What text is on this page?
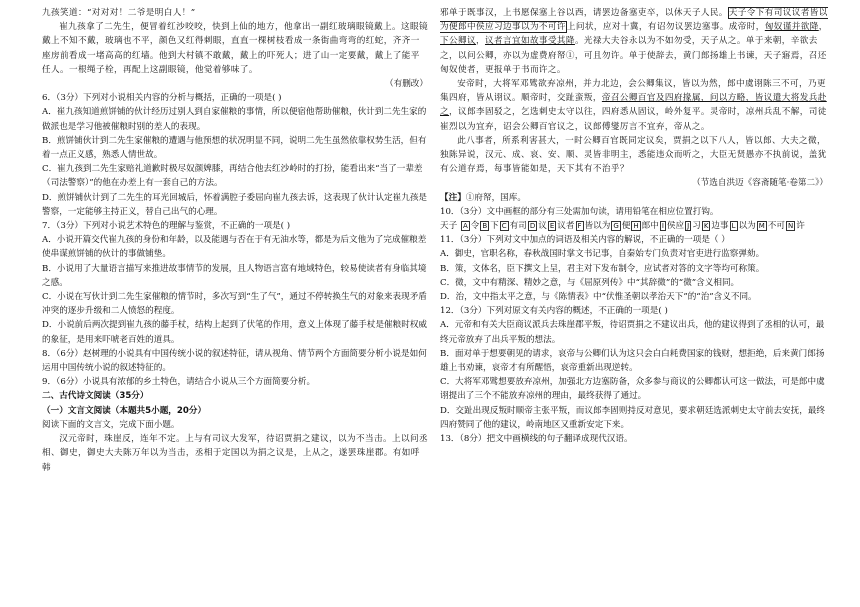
九孩笑道：“对对对！二爷是明白人！”

崔九孩拿了二先生，便冒着红沙咬咬，快到上仙的地方，他拿出一副红玻璃眼镜戴上。这眼镜戴上不知不戴，玻璃也不平，颜色又红得刺眼，直直一棵树枝看成一条街曲弯弯的红蛇，齐齐一座房前看成一堵高高的红墙。他到大村镇不敢戴，戴上的吓死人；进了山一定要戴，戴上了能平任人。一根绳子栓，再配上这副眼镜，他觉着够味了。

（有删改）

6．（3分）下列对小说相关内容的分析与概括，正确的一项是( )

A．崔九孩知道煎饼铺的伙计经历过别人到自家催粮的事情，所以便宿他帮助催粮，伙计到二先生家的做派也是学习他被催粮时别的差人的表现。

B．煎饼铺伙计到二先生家催粮的遭遇与他预想的状况明显不同，说明二先生虽然依靠权势生活，但有着一点正义感，熟悉人情世故。

C．崔九孩到二先生家赔礼道歉时极尽奴颜婢膝，再结合他去红沙岭时的打扮，能看出来“当了一辈差（司法警察）”的他在办差上有一套自己的方法。

D．煎饼铺伙计到了二先生的耳光回城后，怀着满腔子委屈向崔九孩去诉，这表现了伙计认定崔九孩是警察，一定能够主持正义，替自己出气的心理。

7．（3分）下列对小说艺术特色的理解与鉴赏，不正确的一项是( )

A．小说开篇交代崔九孩的身份和年龄，以及能遇与否在于有无油水等，都是为后文他为了完成催粮差使串谋煎饼铺的伙计的事做铺垫。

B．小说用了大量语言描写来推进故事情节的发展，且人物语言富有地域特色，较易使读者有身临其境之感。

C．小说在写伙计到二先生家催粮的情节时，多次写到“生了气”，通过不停转换生气的对象来表现矛盾冲突的逐步升级和二人愤怒的程度。

D．小说前后两次提到崔九孩的藤手杖，结构上起到了伏笔的作用，意义上体现了藤手杖是催粮时权威的象征，是用来吓唬老百姓的道具。

8．（6分）赵树理的小说具有中国传统小说的叙述特征，请从视角、情节两个方面简要分析小说是如何运用中国传统小说的叙述特征的。

9．（6分）小说具有浓郁的乡土特色，请结合小说从三个方面简要分析。

二、古代诗文阅读（35分）

（一）文言文阅读（本题共5小题，20分）

阅读下面的文言文，完成下面小题。

汉元帝时，珠崖反，连年不定。上与有司议大发军，待诏贾捐之建议，以为不当击。上以问丞相、御史，御史大夫陈万年以为当击，丞相于定国以为捐之议是，上从之，遂罢珠崖郡。有如呼韩

邪单于既事汉，上书愿保塞上谷以西，请罢边备塞吏卒，以休天子人民。天子令下有司议议者皆以为便郎中侯应习边事以为不可许上问状，应对十冀，有诏勿议罢边塞事。成帝时，匈奴谨并欲降，下公卿议，议者言宜如故事受其降。光禄大夫谷永以为不如勿受，天子从之。单于来朝，辛欲去之，以问公卿，亦以为虚费府帑①，可且勿许。单于使辞去，黄门郎扬雄上书谏，天子寤焉，召还匈奴使者，更报单于书而许之。

安帝时，大将军邓骘欲弃凉州，并力北边，会公卿集议，皆以为然，郎中虞诩陈三不可，乃更集四府，皆从诩议。顺帝时，交趾蛮叛，帝召公卿百官及四府掾属，问以方略，皆议遣大将发兵赴之，议郎李固驳之，乞选刺史太守以往，四府悉从固议，岭外复平。灵帝时，凉州兵乱不解，司徒崔烈以为宜弃，诏会公卿百官议之，议郎傅燮厉言不宜弃，帝从之。

此八事者，所系利害甚大，一时公卿百官既同定议矣，贾捐之以下八人，皆以郎、大夫之微，独陈异说，汉元、成、哀、安、顺、灵皆非明主，悉能违众而听之，大臣无贤愚亦不执前说，盖犹有公道存焉，每事皆能如是，天下其有不治乎？

（节选自洪迈《容斋随笔·卷第二》）

【注】①府帑，国库。

10．（3分）文中画框的部分有三处需加句读，请用铅笔在相应位置打钩。

天子 A 令 B 下 C 有司 D 议 E 议者 F 皆以为 G 便 H 郎中 I 侯应 J 习 K 边事 L 以为 M 不可 N 许

11．（3分）下列对文中加点的词语及相关内容的解说，不正确的一项是（ ）

A．御史，官职名称，春秋战国时掌文书记事，自秦始专门负责对官吏进行监察弹劾。

B．策，文体名，臣下撰文上呈，君主对下发布制令，应试者对答的文字等均可称策。

C．微，文中有精深、精妙之意，与《屈原列传》中“其辞微”的“微”含义相同。

D．治，文中指太平之意，与《陈情表》中“伏惟圣朝以孝治天下”的“治”含义不同。

12．（3分）下列对原文有关内容的概述，不正确的一项是( )

A．元帝和有关大臣商议派兵去珠崖郡平叛，待诏贾捐之不建议出兵，他的建议得到了丞相的认可，最终元帝放弃了出兵平叛的想法。

B．面对单于想要朝见的请求，哀帝与公卿们认为这只会白白耗费国家的钱财，想拒绝，后来黄门郎扬雄上书劝谏，哀帝才有所醒悟，哀帝重新出现逆转。

C．大将军邓骘想要放弃凉州，加强北方边塞防备，众多参与商议的公卿都认可这一做法，可是郎中虞诩提出了三个不能放弃凉州的理由，最终获得了通过。

D．交趾出现反叛时顺帝主张平叛，而议郎李固则持反对意见，要求朝廷选派刺史太守前去安抚，最终四府赞同了他的建议，岭南地区又重新安定下来。

13．（8分）把文中画横线的句子翻译成现代汉语。
